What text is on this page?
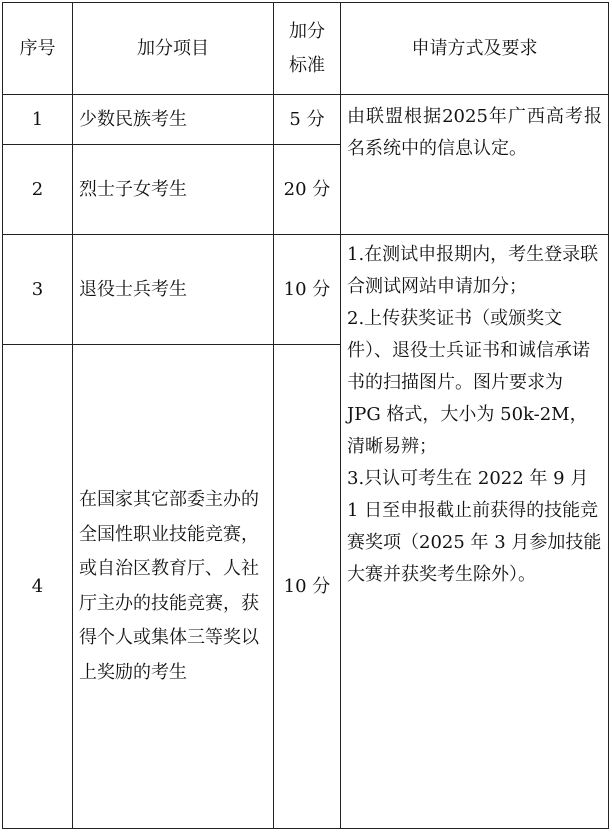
序号	加分项目	加分标准	申请方式及要求
1	少数民族考生	5 分	由联盟根据2025年广西高考报名系统中的信息认定。
2	烈士子女考生	20 分	
3	退役士兵考生	10 分	1.在测试申报期内，考生登录联合测试网站申请加分；

2.上传获奖证书（或颁奖文件）、退役士兵证书和诚信承诺书的扫描图片。图片要求为 JPG 格式，大小为 50k-2M，清晰易辨；

3.只认可考生在 2022 年 9 月 1 日至申报截止前获得的技能竞赛奖项（2025 年 3 月参加技能大赛并获奖考生除外）。

4	在国家其它部委主办的全国性职业技能竞赛，或自治区教育厅、人社厅主办的技能竞赛，获得个人或集体三等奖以上奖励的考生	10 分	
